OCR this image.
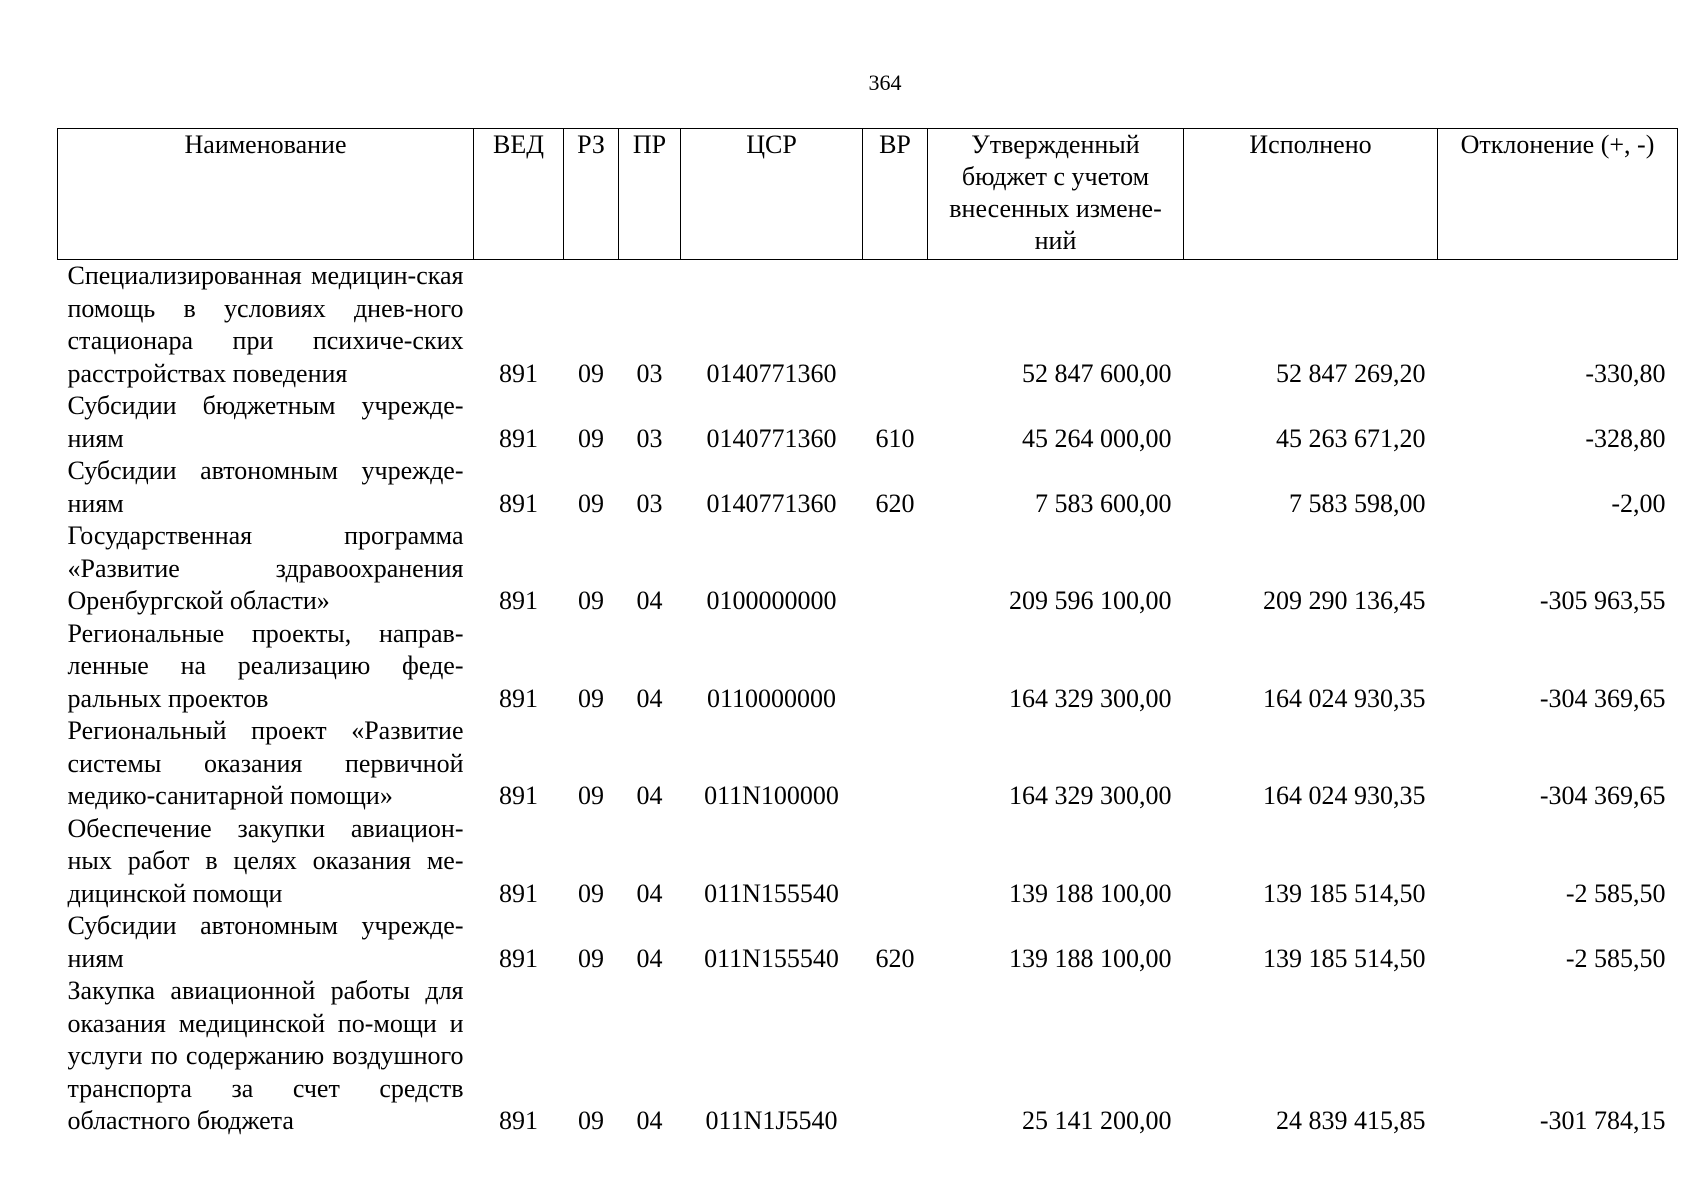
364
Наименование	ВЕД	РЗ	ПР	ЦСР	ВР	Утвержденный бюджет с учетом внесенных измене-ний	Исполнено	Отклонение (+, -)
Специализированная медицин-ская помощь в условиях днев-ного стационара при психиче-ских расстройствах поведения	891	09	03	0140771360		52 847 600,00	52 847 269,20	-330,80
Субсидии бюджетным учрежде-ниям	891	09	03	0140771360	610	45 264 000,00	45 263 671,20	-328,80
Субсидии автономным учрежде-ниям	891	09	03	0140771360	620	7 583 600,00	7 583 598,00	-2,00
Государственная программа «Развитие здравоохранения Оренбургской области»	891	09	04	0100000000		209 596 100,00	209 290 136,45	-305 963,55
Региональные проекты, направ-ленные на реализацию феде-ральных проектов	891	09	04	0110000000		164 329 300,00	164 024 930,35	-304 369,65
Региональный проект «Развитие системы оказания первичной медико-санитарной помощи»	891	09	04	011N100000		164 329 300,00	164 024 930,35	-304 369,65
Обеспечение закупки авиацион-ных работ в целях оказания ме-дицинской помощи	891	09	04	011N155540		139 188 100,00	139 185 514,50	-2 585,50
Субсидии автономным учрежде-ниям	891	09	04	011N155540	620	139 188 100,00	139 185 514,50	-2 585,50
Закупка авиационной работы для оказания медицинской по-мощи и услуги по содержанию воздушного транспорта за счет средств областного бюджета	891	09	04	011N1J5540		25 141 200,00	24 839 415,85	-301 784,15
